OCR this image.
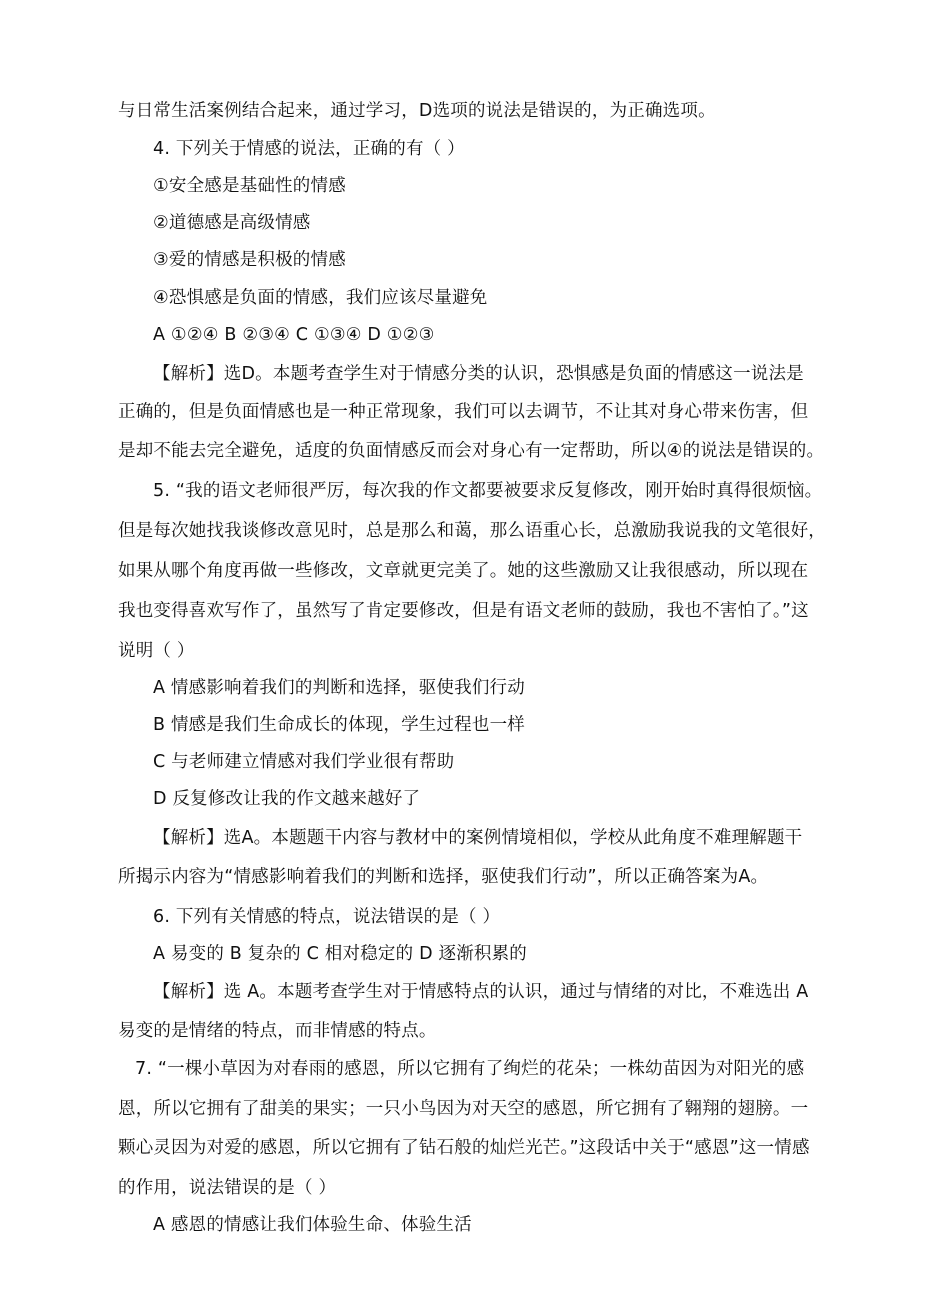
与日常生活案例结合起来，通过学习，D选项的说法是错误的，为正确选项。
4. 下列关于情感的说法，正确的有（ ）
①安全感是基础性的情感
②道德感是高级情感
③爱的情感是积极的情感
④恐惧感是负面的情感，我们应该尽量避免
A ①②④ B ②③④ C ①③④ D ①②③
【解析】选D。本题考查学生对于情感分类的认识，恐惧感是负面的情感这一说法是
正确的，但是负面情感也是一种正常现象，我们可以去调节，不让其对身心带来伤害，但
是却不能去完全避免，适度的负面情感反而会对身心有一定帮助，所以④的说法是错误的。
5. “我的语文老师很严厉，每次我的作文都要被要求反复修改，刚开始时真得很烦恼。
但是每次她找我谈修改意见时，总是那么和蔼，那么语重心长，总激励我说我的文笔很好，
如果从哪个角度再做一些修改，文章就更完美了。她的这些激励又让我很感动，所以现在
我也变得喜欢写作了，虽然写了肯定要修改，但是有语文老师的鼓励，我也不害怕了。”这
说明（ ）
A 情感影响着我们的判断和选择，驱使我们行动
B 情感是我们生命成长的体现，学生过程也一样
C 与老师建立情感对我们学业很有帮助
D 反复修改让我的作文越来越好了
【解析】选A。本题题干内容与教材中的案例情境相似，学校从此角度不难理解题干
所揭示内容为“情感影响着我们的判断和选择，驱使我们行动”，所以正确答案为A。
6. 下列有关情感的特点，说法错误的是（ ）
A 易变的 B 复杂的 C 相对稳定的 D 逐渐积累的
【解析】选 A。本题考查学生对于情感特点的认识，通过与情绪的对比，不难选出 A
易变的是情绪的特点，而非情感的特点。
7. “一棵小草因为对春雨的感恩，所以它拥有了绚烂的花朵；一株幼苗因为对阳光的感
恩，所以它拥有了甜美的果实；一只小鸟因为对天空的感恩，所它拥有了翱翔的翅膀。一
颗心灵因为对爱的感恩，所以它拥有了钻石般的灿烂光芒。”这段话中关于“感恩”这一情感
的作用，说法错误的是（ ）
A 感恩的情感让我们体验生命、体验生活
